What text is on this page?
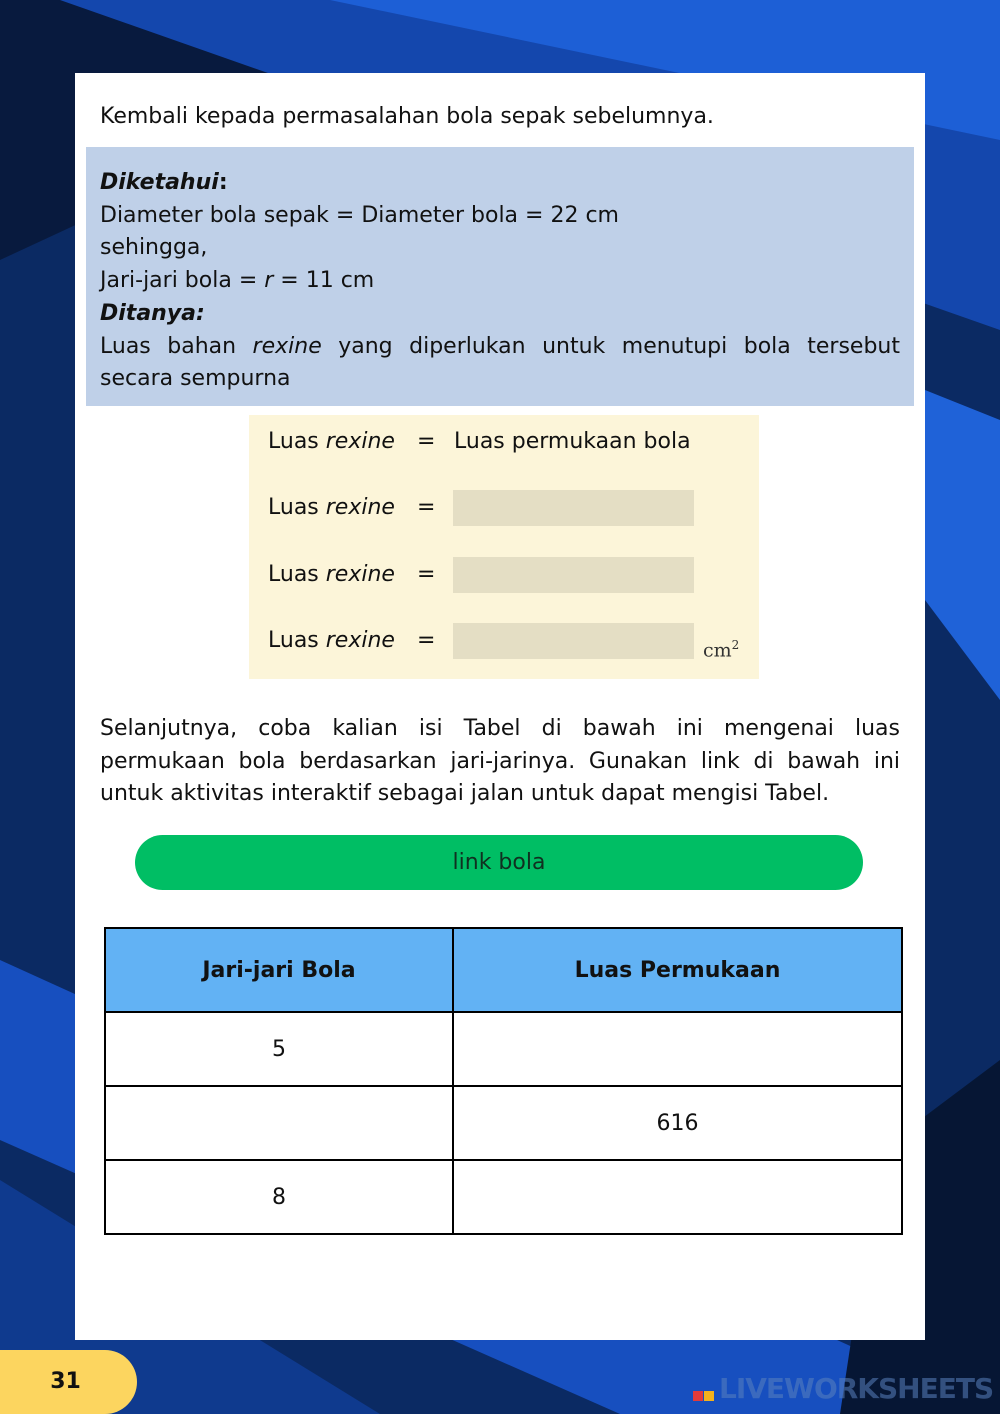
Kembali kepada permasalahan bola sepak sebelumnya.
Diketahui:
Diameter bola sepak = Diameter bola = 22 cm
sehingga,
Jari-jari bola = r = 11 cm
Ditanya:
Luas bahan rexine yang diperlukan untuk menutupi bola tersebut secara sempurna
Luas rexine = Luas permukaan bola
Luas rexine =
Luas rexine =
Luas rexine =	$cm^2$
Selanjutnya, coba kalian isi Tabel di bawah ini mengenai luas permukaan bola berdasarkan jari-jarinya. Gunakan link di bawah ini untuk aktivitas interaktif sebagai jalan untuk dapat mengisi Tabel.
link bola
Jari-jari Bola	Luas Permukaan
5	
	616
8	
31	LIVEWORKSHEETS
